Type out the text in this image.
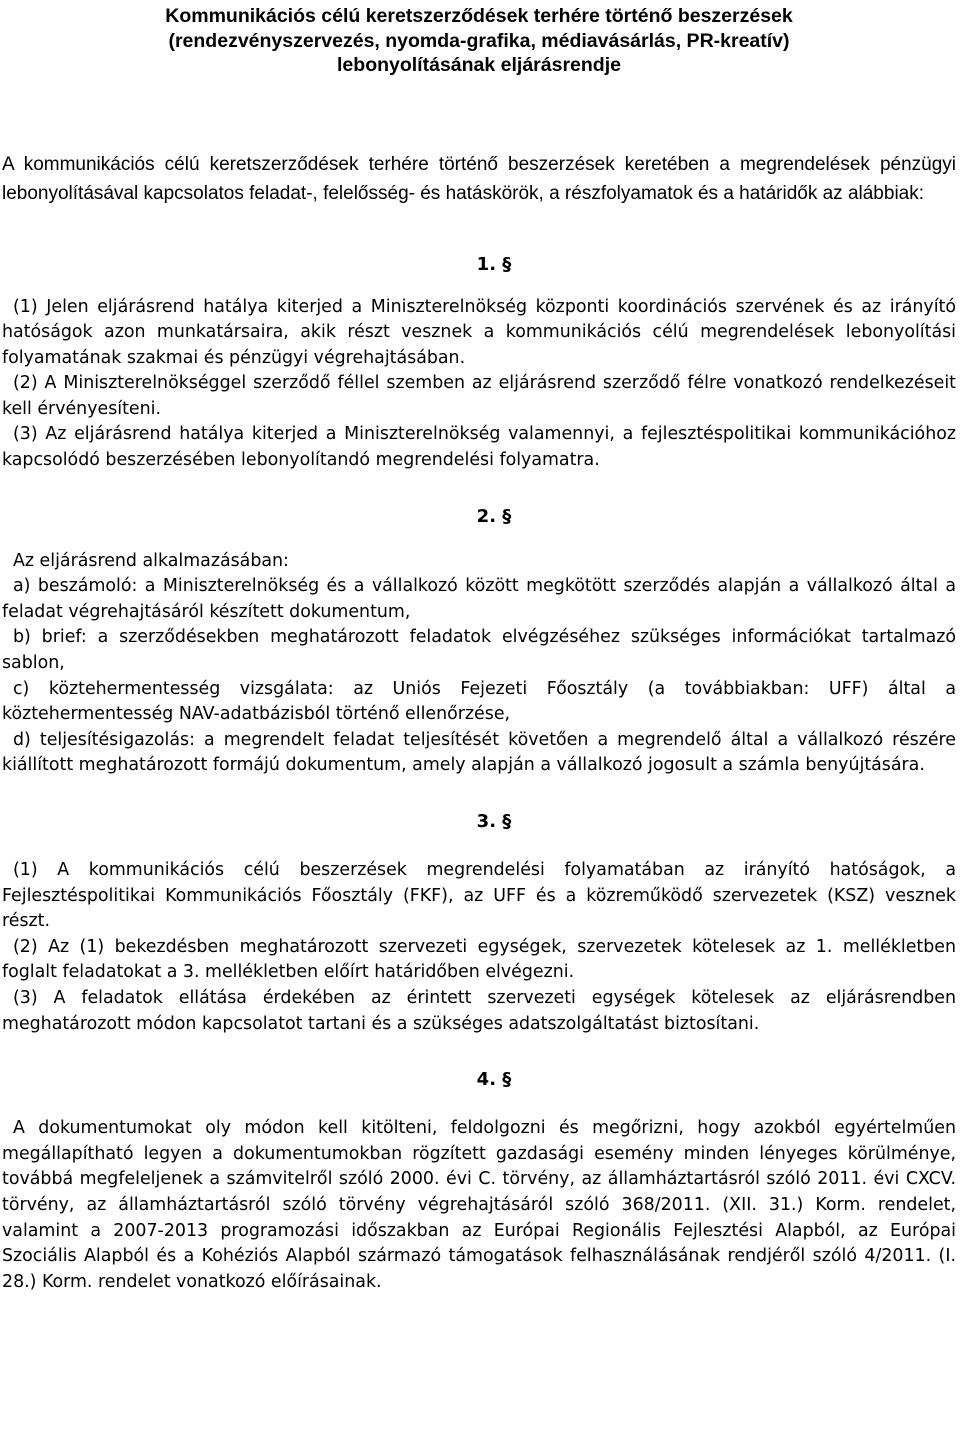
Kommunikációs célú keretszerződések terhére történő beszerzések
(rendezvényszervezés, nyomda-grafika, médiavásárlás, PR-kreatív)
lebonyolításának eljárásrendje

A kommunikációs célú keretszerződések terhére történő beszerzések keretében a megrendelések pénzügyi lebonyolításával kapcsolatos feladat-, felelősség- és hatáskörök, a részfolyamatok és a határidők az alábbiak:

1. §

(1) Jelen eljárásrend hatálya kiterjed a Miniszterelnökség központi koordinációs szervének és az irányító hatóságok azon munkatársaira, akik részt vesznek a kommunikációs célú megrendelések lebonyolítási folyamatának szakmai és pénzügyi végrehajtásában.

(2) A Miniszterelnökséggel szerződő féllel szemben az eljárásrend szerződő félre vonatkozó rendelkezéseit kell érvényesíteni.

(3) Az eljárásrend hatálya kiterjed a Miniszterelnökség valamennyi, a fejlesztéspolitikai kommunikációhoz kapcsolódó beszerzésében lebonyolítandó megrendelési folyamatra.

2. §

Az eljárásrend alkalmazásában:

a) beszámoló: a Miniszterelnökség és a vállalkozó között megkötött szerződés alapján a vállalkozó által a feladat végrehajtásáról készített dokumentum,

b) brief: a szerződésekben meghatározott feladatok elvégzéséhez szükséges információkat tartalmazó sablon,

c) köztehermentesség vizsgálata: az Uniós Fejezeti Főosztály (a továbbiakban: UFF) által a köztehermentesség NAV-adatbázisból történő ellenőrzése,

d) teljesítésigazolás: a megrendelt feladat teljesítését követően a megrendelő által a vállalkozó részére kiállított meghatározott formájú dokumentum, amely alapján a vállalkozó jogosult a számla benyújtására.

3. §

(1) A kommunikációs célú beszerzések megrendelési folyamatában az irányító hatóságok, a Fejlesztéspolitikai Kommunikációs Főosztály (FKF), az UFF és a közreműködő szervezetek (KSZ) vesznek részt.

(2) Az (1) bekezdésben meghatározott szervezeti egységek, szervezetek kötelesek az 1. mellékletben foglalt feladatokat a 3. mellékletben előírt határidőben elvégezni.

(3) A feladatok ellátása érdekében az érintett szervezeti egységek kötelesek az eljárásrendben meghatározott módon kapcsolatot tartani és a szükséges adatszolgáltatást biztosítani.

4. §

A dokumentumokat oly módon kell kitölteni, feldolgozni és megőrizni, hogy azokból egyértelműen megállapítható legyen a dokumentumokban rögzített gazdasági esemény minden lényeges körülménye, továbbá megfeleljenek a számvitelről szóló 2000. évi C. törvény, az államháztartásról szóló 2011. évi CXCV. törvény, az államháztartásról szóló törvény végrehajtásáról szóló 368/2011. (XII. 31.) Korm. rendelet, valamint a 2007-2013 programozási időszakban az Európai Regionális Fejlesztési Alapból, az Európai Szociális Alapból és a Kohéziós Alapból származó támogatások felhasználásának rendjéről szóló 4/2011. (I. 28.) Korm. rendelet vonatkozó előírásainak.
